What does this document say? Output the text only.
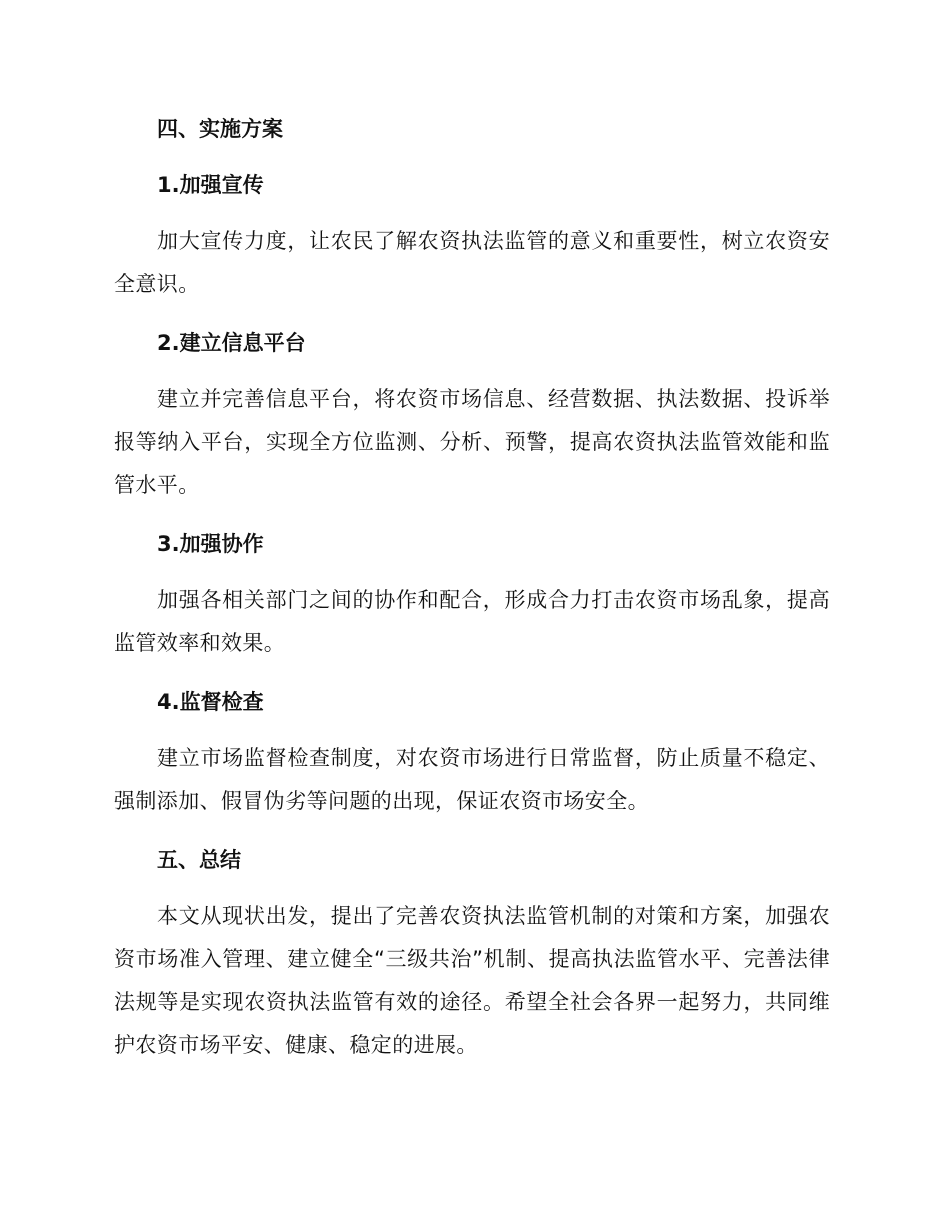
四、实施方案
1.加强宣传

加大宣传力度，让农民了解农资执法监管的意义和重要性，树立农资安全意识。

2.建立信息平台

建立并完善信息平台，将农资市场信息、经营数据、执法数据、投诉举报等纳入平台，实现全方位监测、分析、预警，提高农资执法监管效能和监管水平。

3.加强协作

加强各相关部门之间的协作和配合，形成合力打击农资市场乱象，提高监管效率和效果。

4.监督检查

建立市场监督检查制度，对农资市场进行日常监督，防止质量不稳定、强制添加、假冒伪劣等问题的出现，保证农资市场安全。

五、总结

本文从现状出发，提出了完善农资执法监管机制的对策和方案，加强农资市场准入管理、建立健全“三级共治”机制、提高执法监管水平、完善法律法规等是实现农资执法监管有效的途径。希望全社会各界一起努力，共同维护农资市场平安、健康、稳定的进展。
